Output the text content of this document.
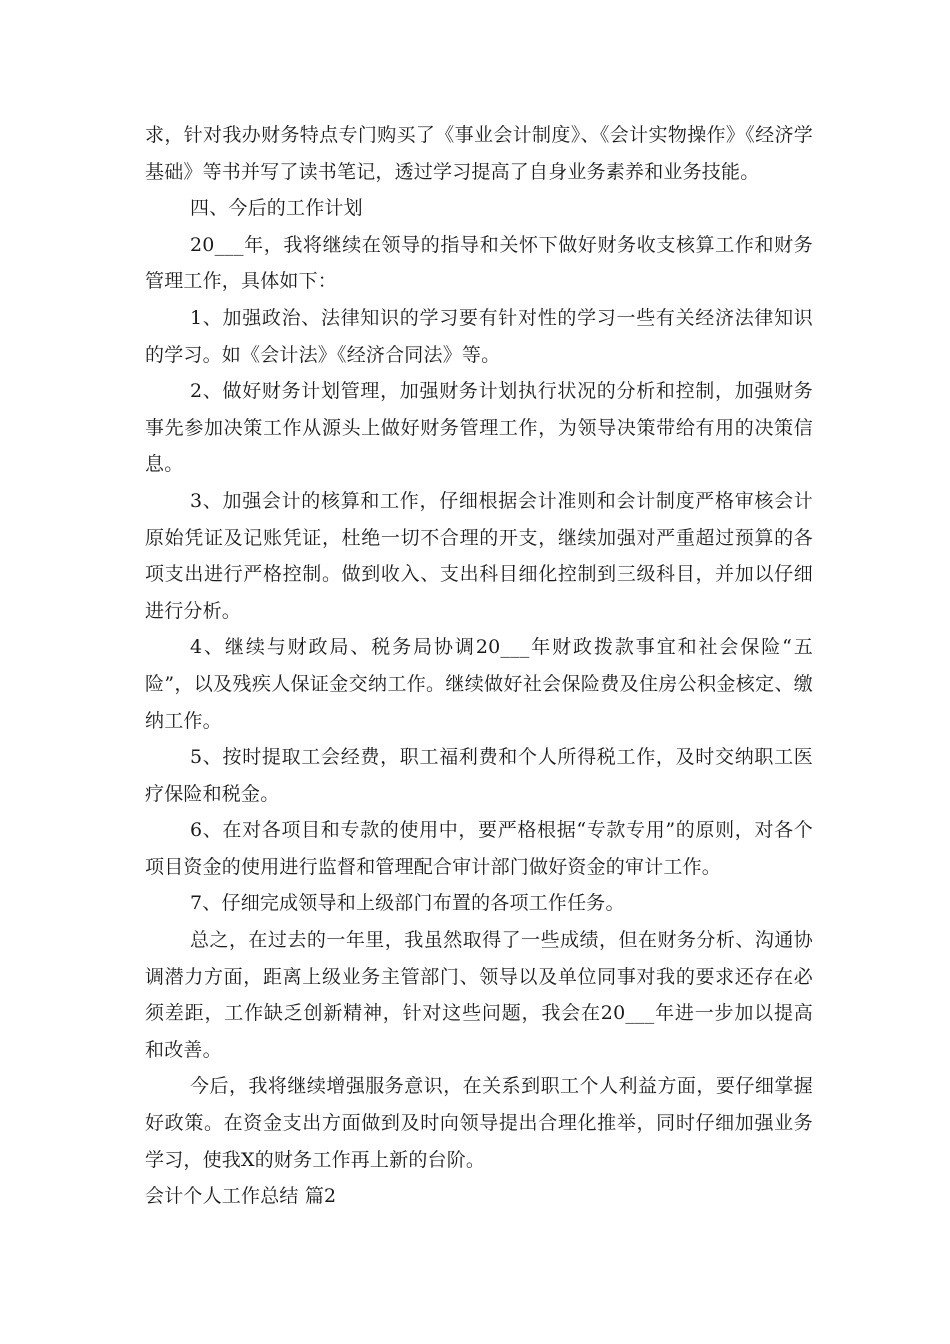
求，针对我办财务特点专门购买了《事业会计制度》、《会计实物操作》《经济学基础》等书并写了读书笔记，透过学习提高了自身业务素养和业务技能。

四、今后的工作计划

20___年，我将继续在领导的指导和关怀下做好财务收支核算工作和财务管理工作，具体如下：

1、加强政治、法律知识的学习要有针对性的学习一些有关经济法律知识的学习。如《会计法》《经济合同法》等。

2、做好财务计划管理，加强财务计划执行状况的分析和控制，加强财务事先参加决策工作从源头上做好财务管理工作，为领导决策带给有用的决策信息。

3、加强会计的核算和工作，仔细根据会计准则和会计制度严格审核会计原始凭证及记账凭证，杜绝一切不合理的开支，继续加强对严重超过预算的各项支出进行严格控制。做到收入、支出科目细化控制到三级科目，并加以仔细进行分析。

4、继续与财政局、税务局协调20___年财政拨款事宜和社会保险“五险”，以及残疾人保证金交纳工作。继续做好社会保险费及住房公积金核定、缴纳工作。

5、按时提取工会经费，职工福利费和个人所得税工作，及时交纳职工医疗保险和税金。

6、在对各项目和专款的使用中，要严格根据“专款专用”的原则，对各个项目资金的使用进行监督和管理配合审计部门做好资金的审计工作。

7、仔细完成领导和上级部门布置的各项工作任务。

总之，在过去的一年里，我虽然取得了一些成绩，但在财务分析、沟通协调潜力方面，距离上级业务主管部门、领导以及单位同事对我的要求还存在必须差距，工作缺乏创新精神，针对这些问题，我会在20___年进一步加以提高和改善。

今后，我将继续增强服务意识，在关系到职工个人利益方面，要仔细掌握好政策。在资金支出方面做到及时向领导提出合理化推举，同时仔细加强业务学习，使我X的财务工作再上新的台阶。

会计个人工作总结 篇2
